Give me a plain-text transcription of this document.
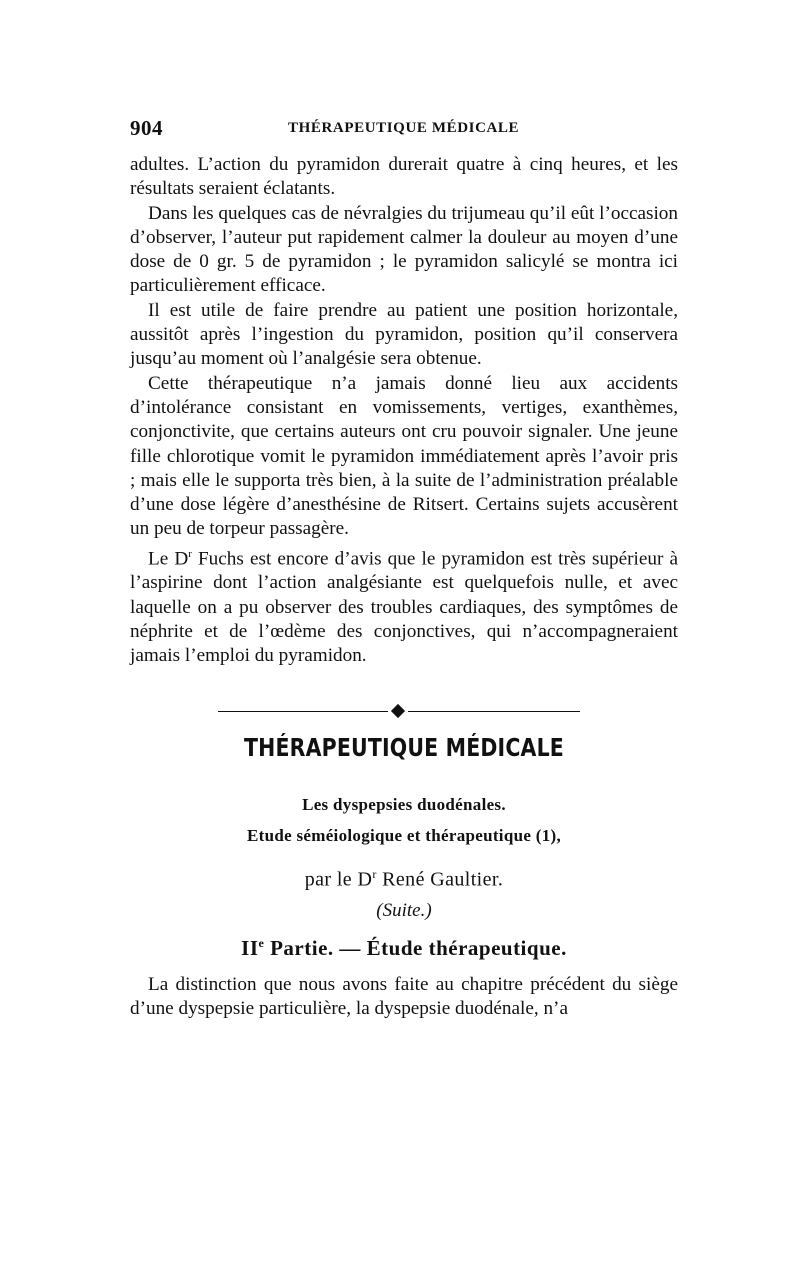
904	THÉRAPEUTIQUE MÉDICALE

adultes. L’action du pyramidon durerait quatre à cinq heures, et les résultats seraient éclatants.

Dans les quelques cas de névralgies du trijumeau qu’il eût l’occasion d’observer, l’auteur put rapidement calmer la douleur au moyen d’une dose de 0 gr. 5 de pyramidon ; le pyramidon salicylé se montra ici particulièrement efficace.

Il est utile de faire prendre au patient une position horizontale, aussitôt après l’ingestion du pyramidon, position qu’il conservera jusqu’au moment où l’analgésie sera obtenue.

Cette thérapeutique n’a jamais donné lieu aux accidents d’intolérance consistant en vomissements, vertiges, exanthèmes, conjonctivite, que certains auteurs ont cru pouvoir signaler. Une jeune fille chlorotique vomit le pyramidon immédiatement après l’avoir pris ; mais elle le supporta très bien, à la suite de l’administration préalable d’une dose légère d’anesthésine de Ritsert. Certains sujets accusèrent un peu de torpeur passagère.

Le $D^r$ Fuchs est encore d’avis que le pyramidon est très supérieur à l’aspirine dont l’action analgésiante est quelquefois nulle, et avec laquelle on a pu observer des troubles cardiaques, des symptômes de néphrite et de l’œdème des conjonctives, qui n’accompagneraient jamais l’emploi du pyramidon.

THÉRAPEUTIQUE MÉDICALE
Les dyspepsies duodénales.
Etude séméiologique et thérapeutique (1),
par le $D^r$ René Gaultier.
(Suite.)
IIe Partie. — Étude thérapeutique.

La distinction que nous avons faite au chapitre précédent du siège d’une dyspepsie particulière, la dyspepsie duodénale, n’a
